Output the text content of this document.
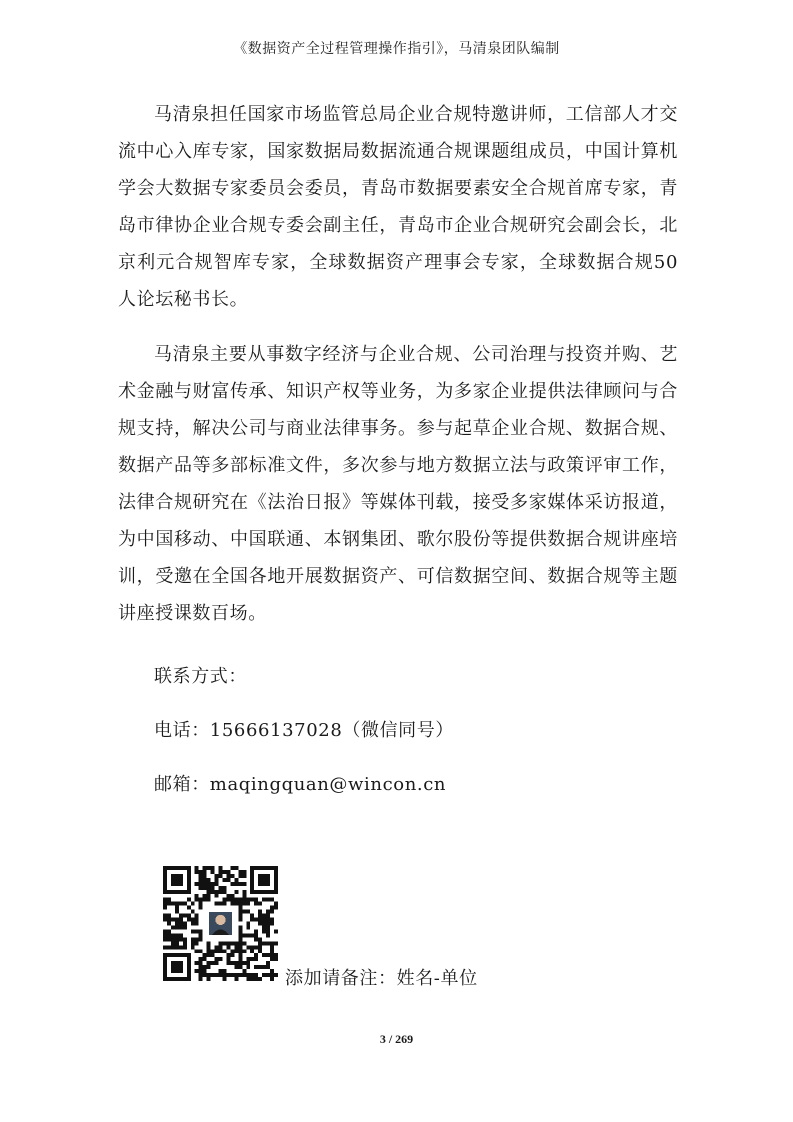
《数据资产全过程管理操作指引》，马清泉团队编制

马清泉担任国家市场监管总局企业合规特邀讲师，工信部人才交流中心入库专家，国家数据局数据流通合规课题组成员，中国计算机学会大数据专家委员会委员，青岛市数据要素安全合规首席专家，青岛市律协企业合规专委会副主任，青岛市企业合规研究会副会长，北京利元合规智库专家，全球数据资产理事会专家，全球数据合规50人论坛秘书长。

马清泉主要从事数字经济与企业合规、公司治理与投资并购、艺术金融与财富传承、知识产权等业务，为多家企业提供法律顾问与合规支持，解决公司与商业法律事务。参与起草企业合规、数据合规、数据产品等多部标准文件，多次参与地方数据立法与政策评审工作，法律合规研究在《法治日报》等媒体刊载，接受多家媒体采访报道，为中国移动、中国联通、本钢集团、歌尔股份等提供数据合规讲座培训，受邀在全国各地开展数据资产、可信数据空间、数据合规等主题讲座授课数百场。

联系方式：

电话：15666137028（微信同号）

邮箱：maqingquan@wincon.cn

添加请备注：姓名-单位
3 / 269
